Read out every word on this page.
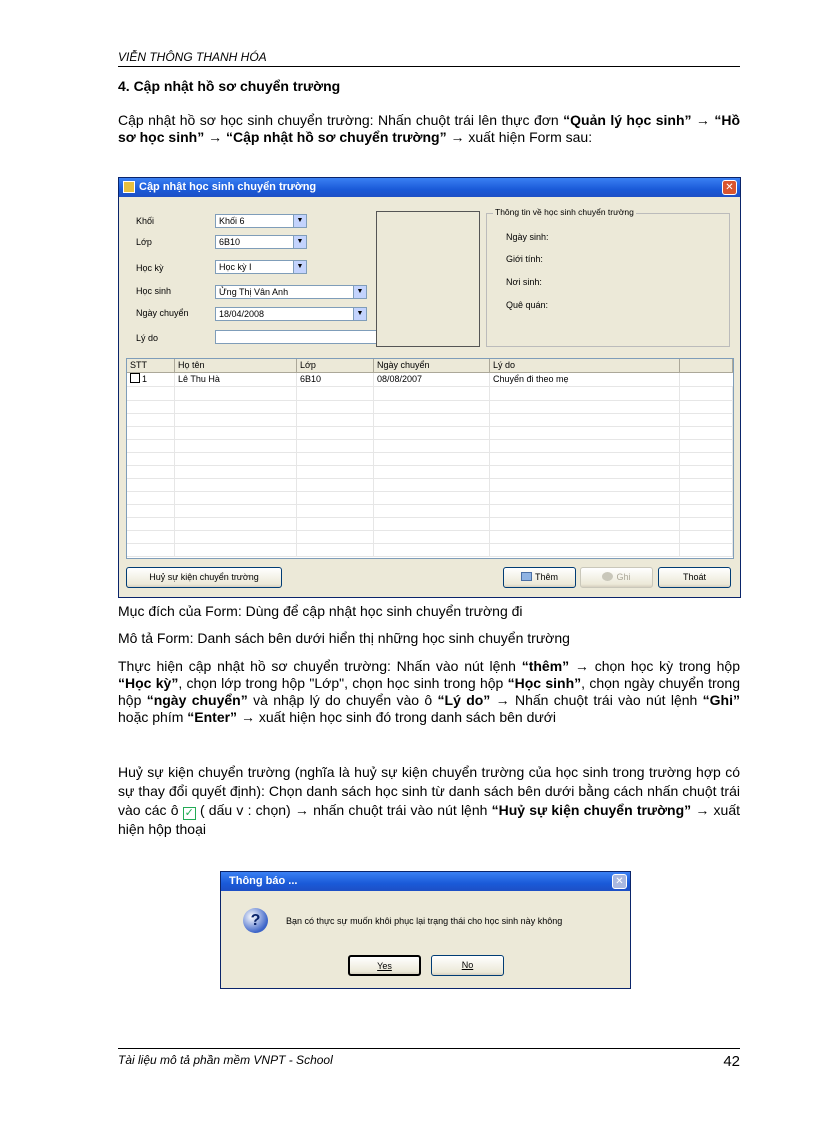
VIỄN THÔNG THANH HÓA
4. Cập nhật hồ sơ chuyển trường
Cập nhật hồ sơ học sinh chuyển trường: Nhấn chuột trái lên thực đơn “Quản lý học sinh” → “Hồ sơ học sinh” → “Cập nhật hồ sơ chuyển trường” → xuất hiện Form sau:
Cập nhật học sinh chuyển trường	✕
Khối	Khối 6	▼
Lớp	6B10	▼
Học kỳ	Học kỳ I	▼
Học sinh	Ửng Thị Vân Anh	▼
Ngày chuyển	18/04/2008	▼
Lý do
Thông tin về học sinh chuyển trường
Ngày sinh:
Giới tính:
Nơi sinh:
Quê quán:
STT	Họ tên	Lớp	Ngày chuyển	Lý do
1	Lê Thu Hà	6B10	08/08/2007	Chuyển đi theo mẹ
Huỷ sự kiện chuyển trường	Thêm	Ghi	Thoát
Mục đích của Form: Dùng để cập nhật học sinh chuyển trường đi
Mô tả Form: Danh sách bên dưới hiển thị những học sinh chuyển trường
Thực hiện cập nhật hồ sơ chuyển trường: Nhấn vào nút lệnh “thêm” → chọn học kỳ trong hộp “Học kỳ”, chọn lớp trong hộp "Lớp", chọn học sinh trong hộp “Học sinh”, chọn ngày chuyển trong hộp “ngày chuyển” và nhập lý do chuyển vào ô “Lý do” → Nhấn chuột trái vào nút lệnh “Ghi” hoặc phím “Enter” → xuất hiện học sinh đó trong danh sách bên dưới
Huỷ sự kiện chuyển trường (nghĩa là huỷ sự kiện chuyển trường của học sinh trong trường hợp có sự thay đổi quyết định): Chọn danh sách học sinh từ danh sách bên dưới bằng cách nhấn chuột trái vào các ô ✓ ( dấu v : chọn) → nhấn chuột trái vào nút lệnh “Huỷ sự kiện chuyển trường” → xuất hiện hộp thoại
Thông báo ...	✕
?	Bạn có thực sự muốn khôi phục lại trạng thái cho học sinh này không
Yes	No
Tài liệu mô tả phần mềm VNPT - School	42
